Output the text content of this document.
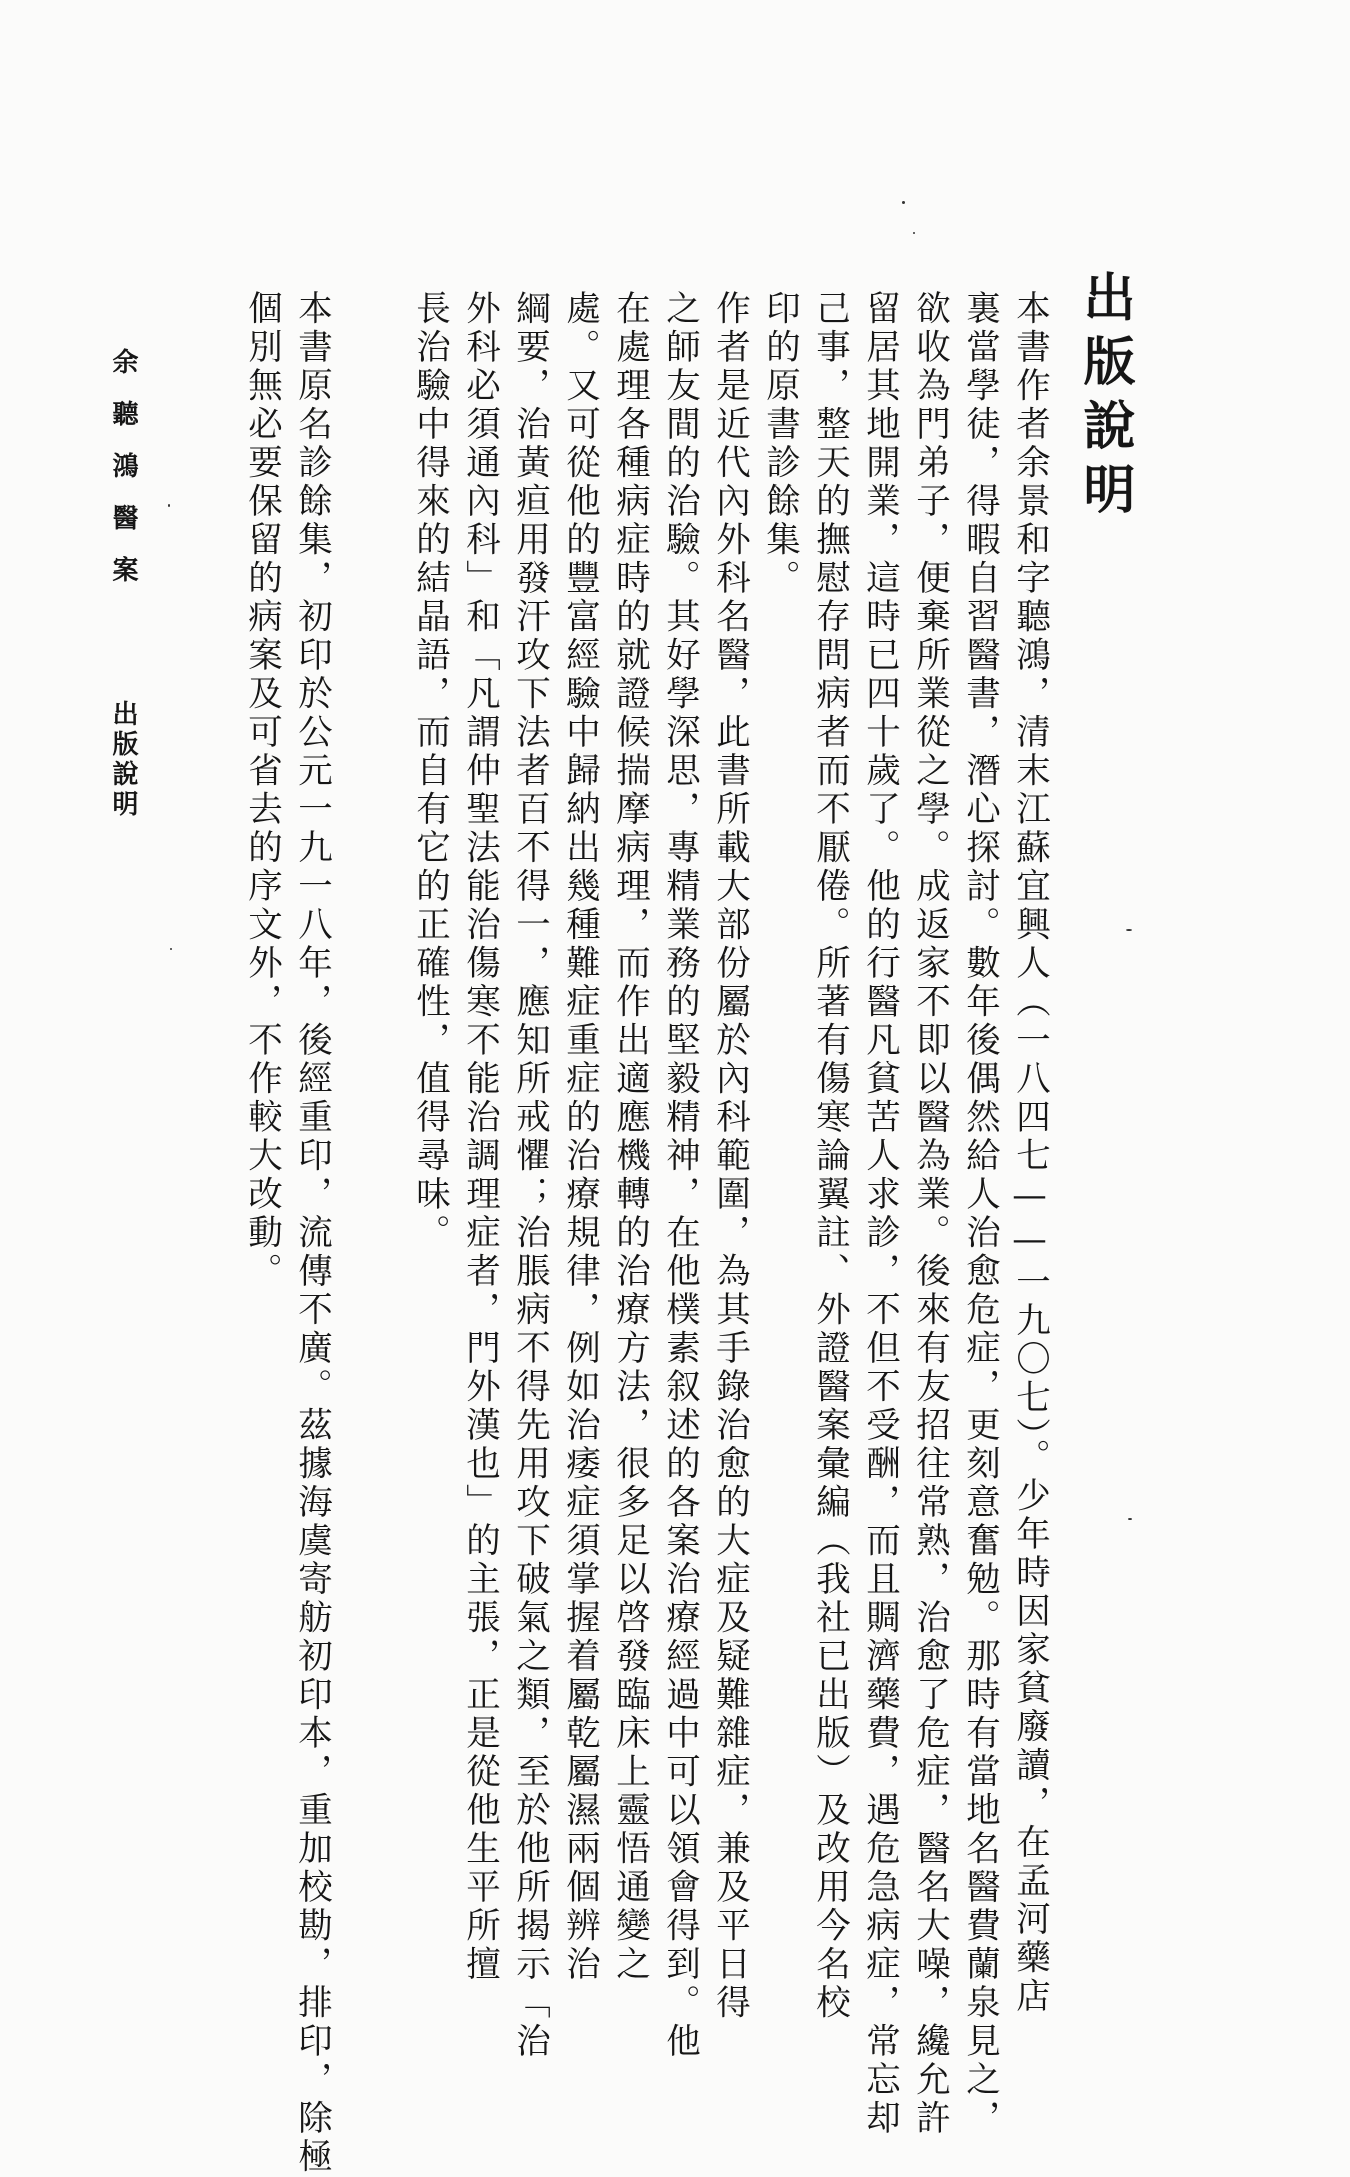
出版說明
本書作者余景和字聽鴻，清末江蘇宜興人（一八四七——一九〇七）。少年時因家貧廢讀，在孟河藥店
裏當學徒，得暇自習醫書，潛心探討。數年後偶然給人治愈危症，更刻意奮勉。那時有當地名醫費蘭泉見之，
欲收為門弟子，便棄所業從之學。成返家不即以醫為業。後來有友招往常熟，治愈了危症，醫名大噪，纔允許
留居其地開業，這時已四十歲了。他的行醫凡貧苦人求診，不但不受酬，而且賙濟藥費，遇危急病症，常忘却
己事，整天的撫慰存問病者而不厭倦。所著有傷寒論翼註、外證醫案彙編（我社已出版）及改用今名校
印的原書診餘集。
作者是近代內外科名醫，此書所載大部份屬於內科範圍，為其手錄治愈的大症及疑難雜症，兼及平日得
之師友間的治驗。其好學深思，專精業務的堅毅精神，在他樸素叙述的各案治療經過中可以領會得到。他
在處理各種病症時的就證候揣摩病理，而作出適應機轉的治療方法，很多足以啓發臨床上靈悟通變之
處。又可從他的豐富經驗中歸納出幾種難症重症的治療規律，例如治痿症須掌握着屬乾屬濕兩個辨治
綱要，治黃疸用發汗攻下法者百不得一，應知所戒懼；治脹病不得先用攻下破氣之類，至於他所揭示「治
外科必須通內科」和「凡謂仲聖法能治傷寒不能治調理症者，門外漢也」的主張，正是從他生平所擅
長治驗中得來的結晶語，而自有它的正確性，值得尋味。
本書原名診餘集，初印於公元一九一八年，後經重印，流傳不廣。茲據海虞寄舫初印本，重加校勘，排印，除極
個別無必要保留的病案及可省去的序文外，不作較大改動。
余聽鴻醫案
出版說明
